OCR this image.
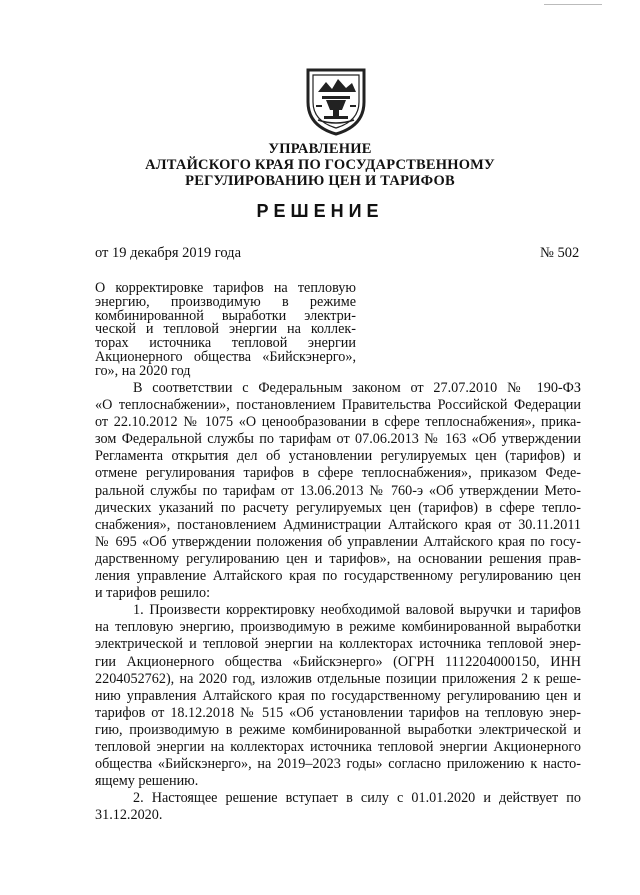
УПРАВЛЕНИЕ
АЛТАЙСКОГО КРАЯ ПО ГОСУДАРСТВЕННОМУ
РЕГУЛИРОВАНИЮ ЦЕН И ТАРИФОВ
РЕШЕНИЕ
от 19 декабря 2019 года	№ 502
О корректировке тарифов на тепловую
энергию, производимую в режиме
комбинированной выработки электри-
ческой и тепловой энергии на коллек-
торах источника тепловой энергии
Акционерного общества «Бийскэнерго»,
го», на 2020 год
В соответствии с Федеральным законом от 27.07.2010 № 190-ФЗ
«О теплоснабжении», постановлением Правительства Российской Федерации
от 22.10.2012 № 1075 «О ценообразовании в сфере теплоснабжения», прика-
зом Федеральной службы по тарифам от 07.06.2013 № 163 «Об утверждении
Регламента открытия дел об установлении регулируемых цен (тарифов) и
отмене регулирования тарифов в сфере теплоснабжения», приказом Феде-
ральной службы по тарифам от 13.06.2013 № 760-э «Об утверждении Мето-
дических указаний по расчету регулируемых цен (тарифов) в сфере тепло-
снабжения», постановлением Администрации Алтайского края от 30.11.2011
№ 695 «Об утверждении положения об управлении Алтайского края по госу-
дарственному регулированию цен и тарифов», на основании решения прав-
ления управление Алтайского края по государственному регулированию цен
и тарифов решило:
1. Произвести корректировку необходимой валовой выручки и тарифов
на тепловую энергию, производимую в режиме комбинированной выработки
электрической и тепловой энергии на коллекторах источника тепловой энер-
гии Акционерного общества «Бийскэнерго» (ОГРН 1112204000150, ИНН
2204052762), на 2020 год, изложив отдельные позиции приложения 2 к реше-
нию управления Алтайского края по государственному регулированию цен и
тарифов от 18.12.2018 № 515 «Об установлении тарифов на тепловую энер-
гию, производимую в режиме комбинированной выработки электрической и
тепловой энергии на коллекторах источника тепловой энергии Акционерного
общества «Бийскэнерго», на 2019–2023 годы» согласно приложению к насто-
ящему решению.
2. Настоящее решение вступает в силу с 01.01.2020 и действует по
31.12.2020.
